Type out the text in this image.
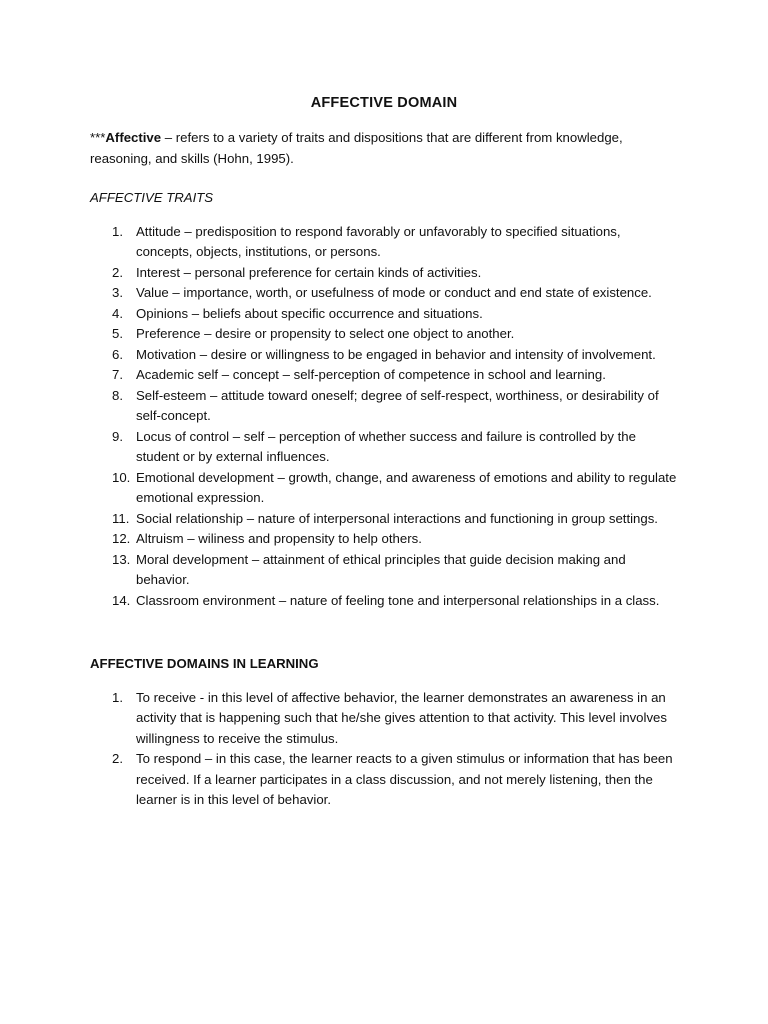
AFFECTIVE DOMAIN

***Affective – refers to a variety of traits and dispositions that are different from knowledge, reasoning, and skills (Hohn, 1995).

AFFECTIVE TRAITS
1. Attitude – predisposition to respond favorably or unfavorably to specified situations, concepts, objects, institutions, or persons.
2. Interest – personal preference for certain kinds of activities.
3. Value – importance, worth, or usefulness of mode or conduct and end state of existence.
4. Opinions – beliefs about specific occurrence and situations.
5. Preference – desire or propensity to select one object to another.
6. Motivation – desire or willingness to be engaged in behavior and intensity of involvement.
7. Academic self – concept – self-perception of competence in school and learning.
8. Self-esteem – attitude toward oneself; degree of self-respect, worthiness, or desirability of self-concept.
9. Locus of control – self – perception of whether success and failure is controlled by the student or by external influences.
10. Emotional development – growth, change, and awareness of emotions and ability to regulate emotional expression.
11. Social relationship – nature of interpersonal interactions and functioning in group settings.
12. Altruism – wiliness and propensity to help others.
13. Moral development – attainment of ethical principles that guide decision making and behavior.
14. Classroom environment – nature of feeling tone and interpersonal relationships in a class.
AFFECTIVE DOMAINS IN LEARNING
1. To receive - in this level of affective behavior, the learner demonstrates an awareness in an activity that is happening such that he/she gives attention to that activity. This level involves willingness to receive the stimulus.
2. To respond – in this case, the learner reacts to a given stimulus or information that has been received. If a learner participates in a class discussion, and not merely listening, then the learner is in this level of behavior.
